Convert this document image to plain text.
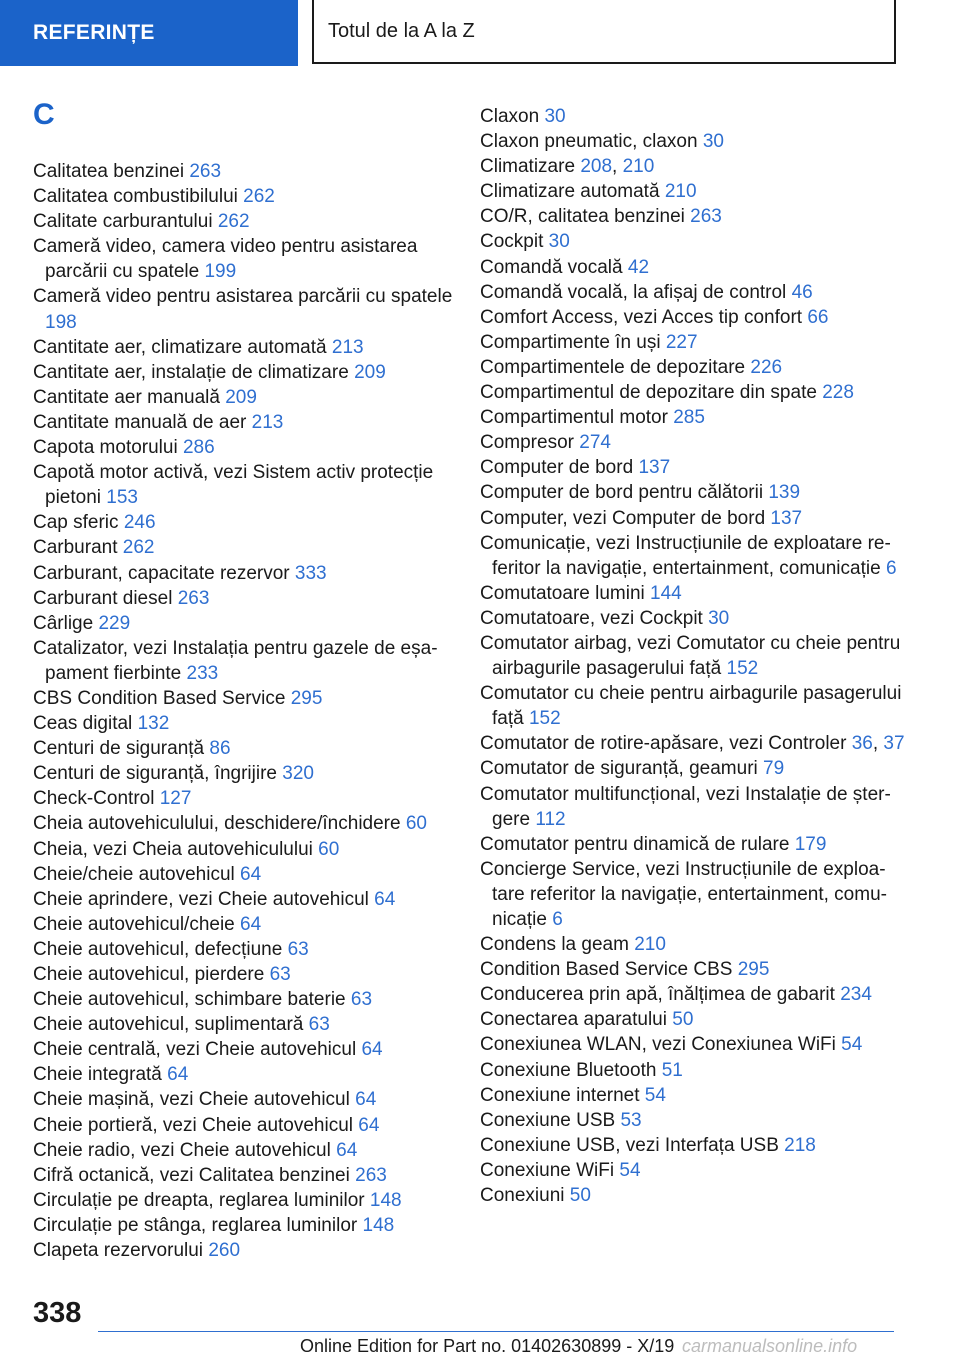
REFERINȚE	Totul de la A la Z
C

Calitatea benzinei 263

Calitatea combustibilului 262

Calitate carburantului 262

Cameră video, camera video pentru asistarea parcării cu spatele 199

Cameră video pentru asistarea parcării cu spatele 198

Cantitate aer, climatizare automată 213

Cantitate aer, instalație de climatizare 209

Cantitate aer manuală 209

Cantitate manuală de aer 213

Capota motorului 286

Capotă motor activă, vezi Sistem activ protecție pietoni 153

Cap sferic 246

Carburant 262

Carburant, capacitate rezervor 333

Carburant diesel 263

Cârlige 229

Catalizator, vezi Instalația pentru gazele de eșapament fierbinte 233

CBS Condition Based Service 295

Ceas digital 132

Centuri de siguranță 86

Centuri de siguranță, îngrijire 320

Check-Control 127

Cheia autovehiculului, deschidere/închidere 60

Cheia, vezi Cheia autovehiculului 60

Cheie/cheie autovehicul 64

Cheie aprindere, vezi Cheie autovehicul 64

Cheie autovehicul/cheie 64

Cheie autovehicul, defecțiune 63

Cheie autovehicul, pierdere 63

Cheie autovehicul, schimbare baterie 63

Cheie autovehicul, suplimentară 63

Cheie centrală, vezi Cheie autovehicul 64

Cheie integrată 64

Cheie mașină, vezi Cheie autovehicul 64

Cheie portieră, vezi Cheie autovehicul 64

Cheie radio, vezi Cheie autovehicul 64

Cifră octanică, vezi Calitatea benzinei 263

Circulație pe dreapta, reglarea luminilor 148

Circulație pe stânga, reglarea luminilor 148

Clapeta rezervorului 260

Claxon 30

Claxon pneumatic, claxon 30

Climatizare 208, 210

Climatizare automată 210

CO/R, calitatea benzinei 263

Cockpit 30

Comandă vocală 42

Comandă vocală, la afișaj de control 46

Comfort Access, vezi Acces tip confort 66

Compartimente în uși 227

Compartimentele de depozitare 226

Compartimentul de depozitare din spate 228

Compartimentul motor 285

Compresor 274

Computer de bord 137

Computer de bord pentru călătorii 139

Computer, vezi Computer de bord 137

Comunicație, vezi Instrucțiunile de exploatare referitor la navigație, entertainment, comunicație 6

Comutatoare lumini 144

Comutatoare, vezi Cockpit 30

Comutator airbag, vezi Comutator cu cheie pentru airbagurile pasagerului față 152

Comutator cu cheie pentru airbagurile pasagerului față 152

Comutator de rotire-apăsare, vezi Controler 36, 37

Comutator de siguranță, geamuri 79

Comutator multifuncțional, vezi Instalație de ștergere 112

Comutator pentru dinamică de rulare 179

Concierge Service, vezi Instrucțiunile de exploatare referitor la navigație, entertainment, comunicație 6

Condens la geam 210

Condition Based Service CBS 295

Conducerea prin apă, înălțimea de gabarit 234

Conectarea aparatului 50

Conexiunea WLAN, vezi Conexiunea WiFi 54

Conexiune Bluetooth 51

Conexiune internet 54

Conexiune USB 53

Conexiune USB, vezi Interfața USB 218

Conexiune WiFi 54

Conexiuni 50

338
Online Edition for Part no. 01402630899 - X/19 carmanualsonline.info
